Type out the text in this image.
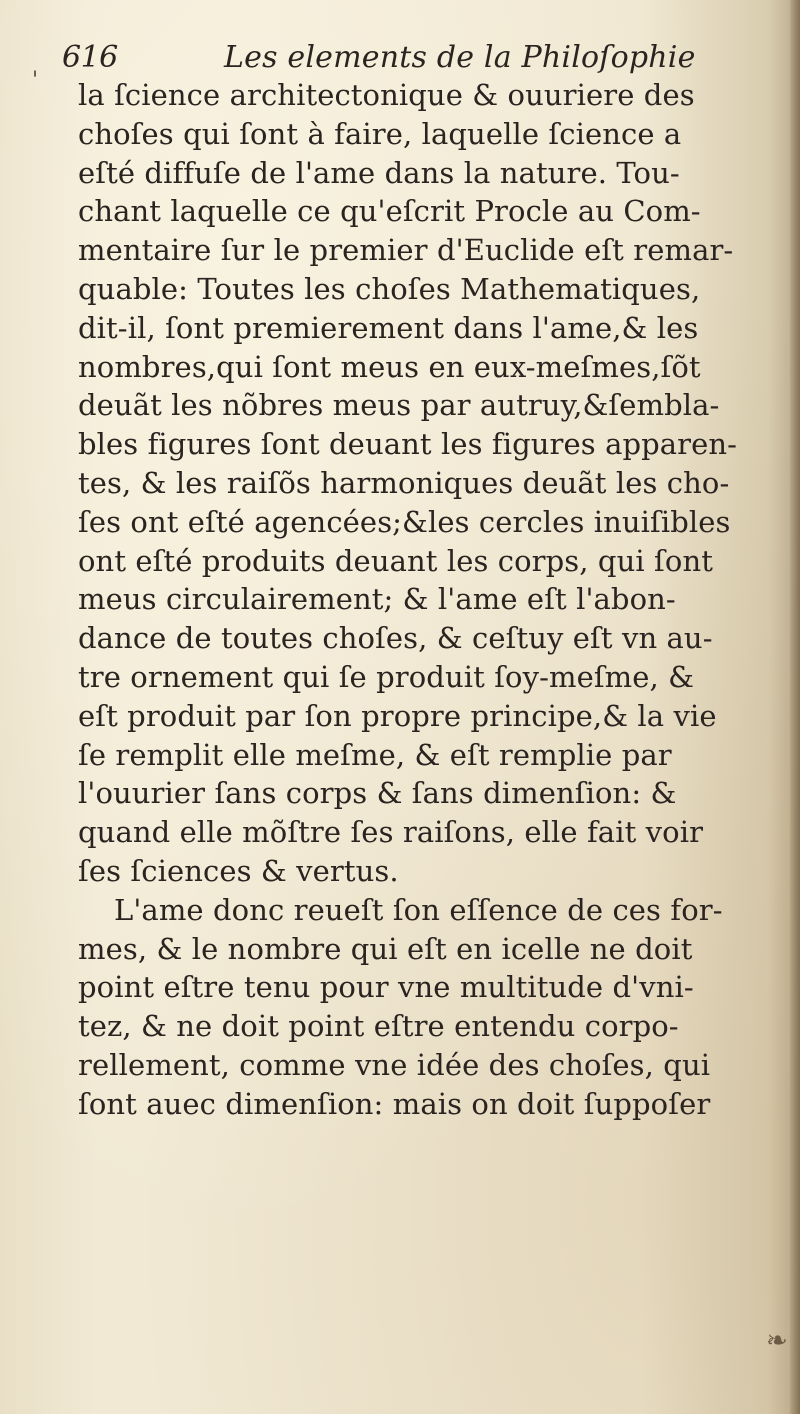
616	Les elements de la Philoſophie
la ſcience architectonique & ouuriere des
choſes qui ſont à faire, laquelle ſcience a
eſté diffuſe de l'ame dans la nature. Tou-
chant laquelle ce qu'eſcrit Procle au Com-
mentaire ſur le premier d'Euclide eſt remar-
quable: Toutes les choſes Mathematiques,
dit-il, ſont premierement dans l'ame,& les
nombres,qui ſont meus en eux-meſmes,ſõt
deuãt les nõbres meus par autruy,&ſembla-
bles figures ſont deuant les figures apparen-
tes, & les raiſõs harmoniques deuãt les cho-
ſes ont eſté agencées;&les cercles inuiſibles
ont eſté produits deuant les corps, qui ſont
meus circulairement; & l'ame eſt l'abon-
dance de toutes choſes, & ceſtuy eſt vn au-
tre ornement qui ſe produit ſoy-meſme, &
eſt produit par ſon propre principe,& la vie
ſe remplit elle meſme, & eſt remplie par
l'ouurier ſans corps & ſans dimenſion: &
quand elle mõſtre ſes raiſons, elle fait voir
ſes ſciences & vertus.
L'ame donc reueſt ſon eſſence de ces for-
mes, & le nombre qui eſt en icelle ne doit
point eſtre tenu pour vne multitude d'vni-
tez, & ne doit point eſtre entendu corpo-
rellement, comme vne idée des choſes, qui
ſont auec dimenſion: mais on doit ſuppoſer
'
❧
